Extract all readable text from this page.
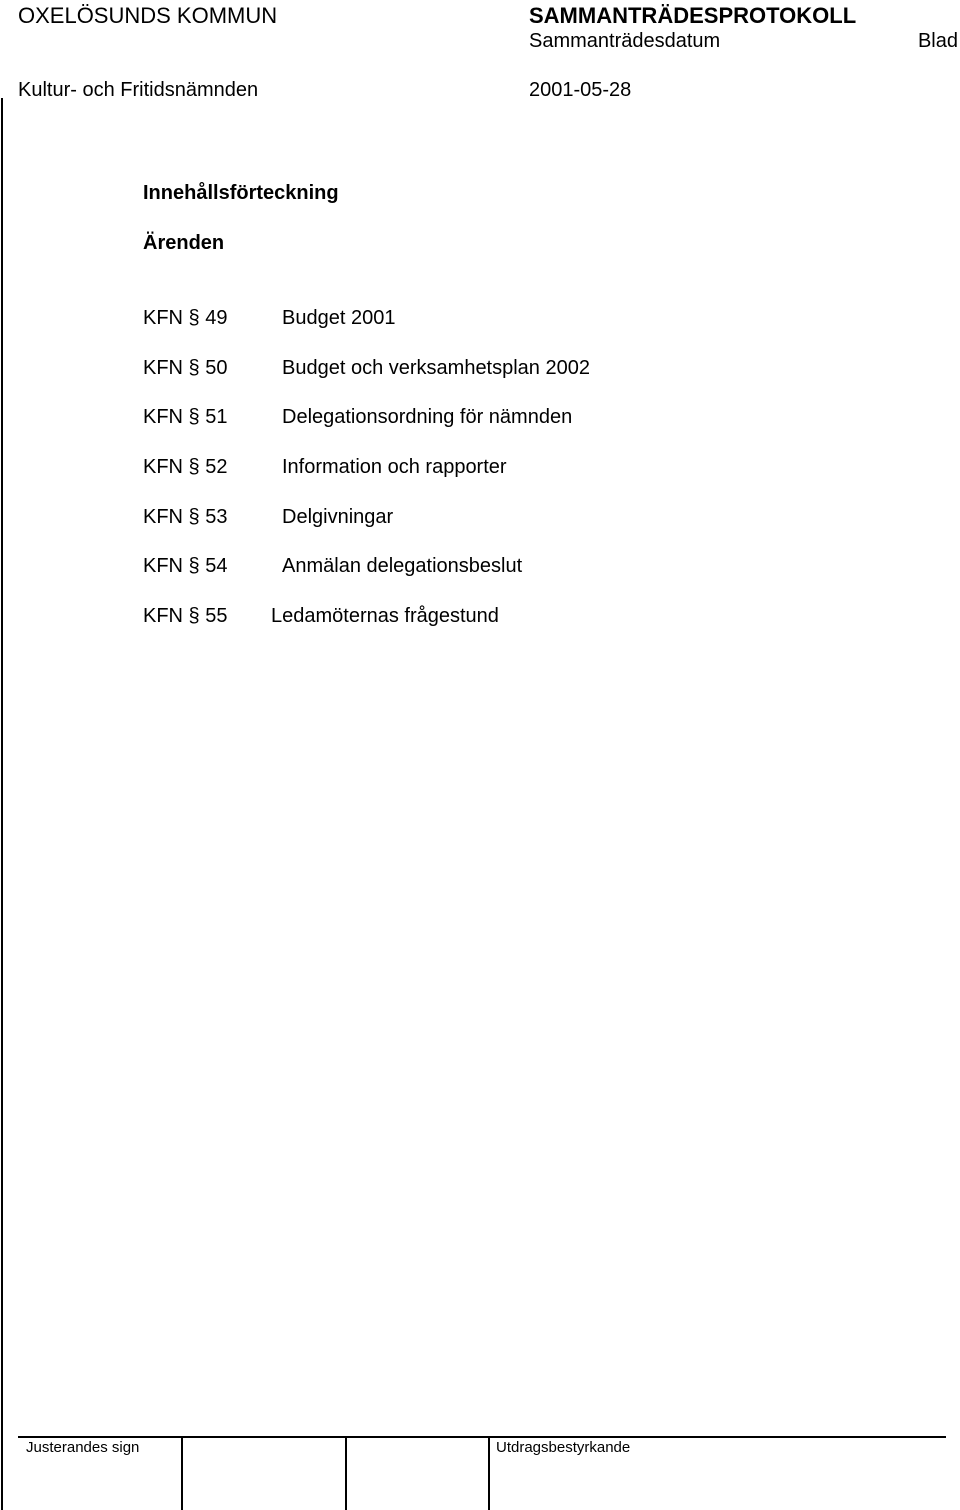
OXELÖSUNDS KOMMUN	SAMMANTRÄDESPROTOKOLL
Sammanträdesdatum	Blad
Kultur- och Fritidsnämnden	2001-05-28
Innehållsförteckning
Ärenden
KFN § 49	Budget 2001
KFN § 50	Budget och verksamhetsplan 2002
KFN § 51	Delegationsordning för nämnden
KFN § 52	Information och rapporter
KFN § 53	Delgivningar
KFN § 54	Anmälan delegationsbeslut
KFN § 55 Ledamöternas frågestund
Justerandes sign	Utdragsbestyrkande
